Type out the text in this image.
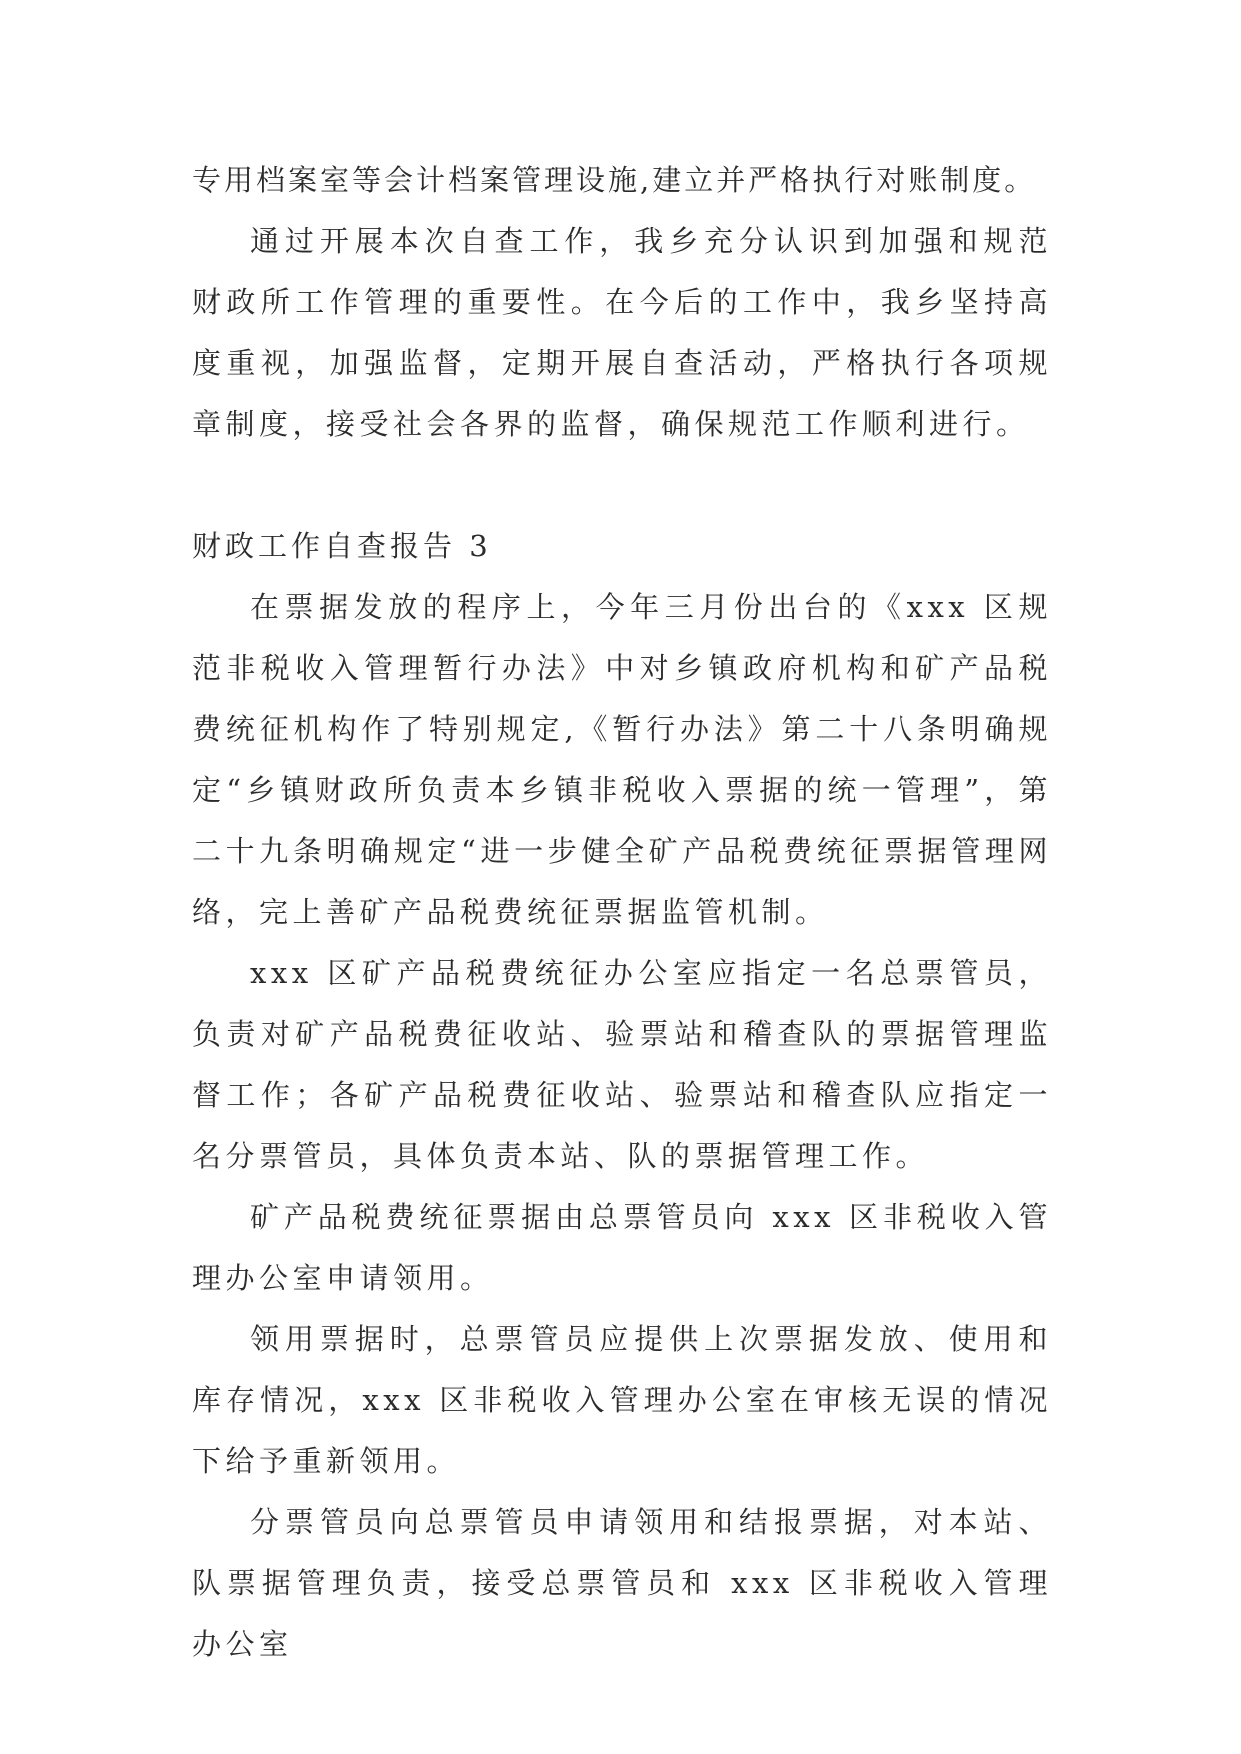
专用档案室等会计档案管理设施,建立并严格执行对账制度。

通过开展本次自查工作，我乡充分认识到加强和规范财政所工作管理的重要性。在今后的工作中，我乡坚持高度重视，加强监督，定期开展自查活动，严格执行各项规章制度，接受社会各界的监督，确保规范工作顺利进行。

财政工作自查报告 3

在票据发放的程序上，今年三月份出台的《xxx 区规范非税收入管理暂行办法》中对乡镇政府机构和矿产品税费统征机构作了特别规定,《暂行办法》第二十八条明确规定“乡镇财政所负责本乡镇非税收入票据的统一管理”，第二十九条明确规定“进一步健全矿产品税费统征票据管理网络，完上善矿产品税费统征票据监管机制。

xxx 区矿产品税费统征办公室应指定一名总票管员，负责对矿产品税费征收站、验票站和稽查队的票据管理监督工作；各矿产品税费征收站、验票站和稽查队应指定一名分票管员，具体负责本站、队的票据管理工作。

矿产品税费统征票据由总票管员向 xxx 区非税收入管理办公室申请领用。

领用票据时，总票管员应提供上次票据发放、使用和库存情况，xxx 区非税收入管理办公室在审核无误的情况下给予重新领用。

分票管员向总票管员申请领用和结报票据，对本站、队票据管理负责，接受总票管员和 xxx 区非税收入管理办公室
